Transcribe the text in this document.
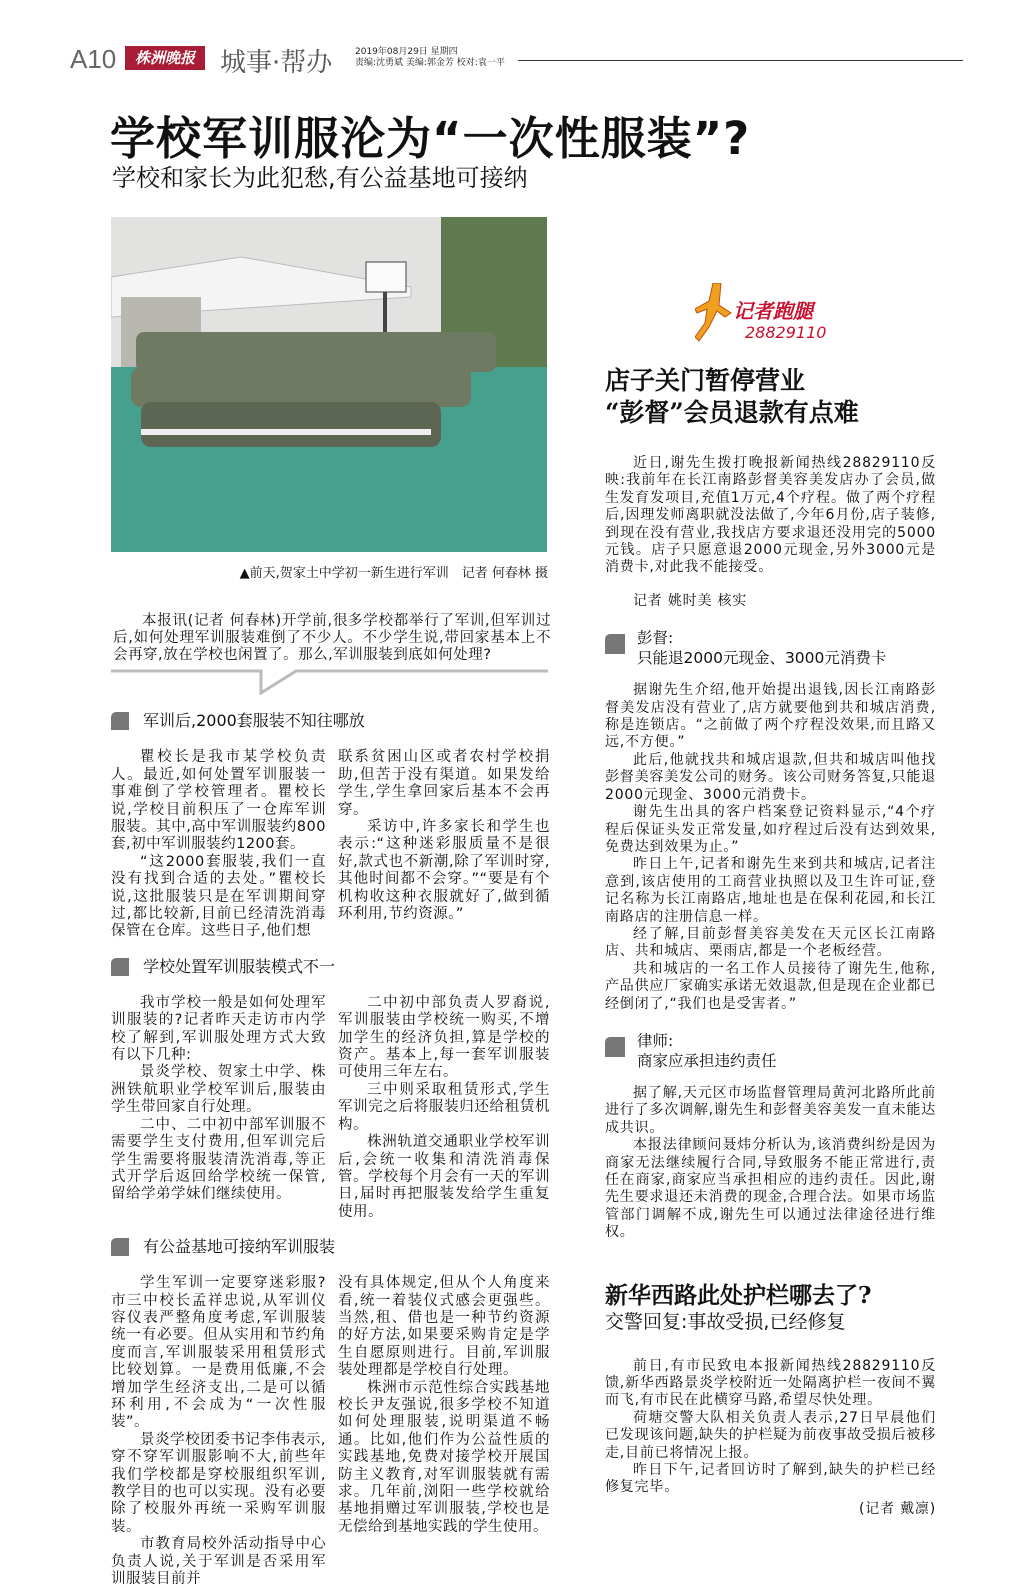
A10	株洲晚报 城事·帮办	2019年08月29日 星期四
责编:沈勇斌 美编:郭金芳 校对:袁一平
学校军训服沦为“一次性服装”?
学校和家长为此犯愁,有公益基地可接纳
▲前天,贺家土中学初一新生进行军训　记者 何春林 摄

本报讯(记者 何春林)开学前,很多学校都举行了军训,但军训过后,如何处理军训服装难倒了不少人。不少学生说,带回家基本上不会再穿,放在学校也闲置了。那么,军训服装到底如何处理?

军训后,2000套服装不知往哪放

瞿校长是我市某学校负责人。最近,如何处置军训服装一事难倒了学校管理者。瞿校长说,学校目前积压了一仓库军训服装。其中,高中军训服装约800套,初中军训服装约1200套。

“这2000套服装,我们一直没有找到合适的去处。”瞿校长说,这批服装只是在军训期间穿过,都比较新,目前已经清洗消毒保管在仓库。这些日子,他们想

联系贫困山区或者农村学校捐助,但苦于没有渠道。如果发给学生,学生拿回家后基本不会再穿。

采访中,许多家长和学生也表示:“这种迷彩服质量不是很好,款式也不新潮,除了军训时穿,其他时间都不会穿。”“要是有个机构收这种衣服就好了,做到循环利用,节约资源。”

学校处置军训服装模式不一

我市学校一般是如何处理军训服装的?记者昨天走访市内学校了解到,军训服处理方式大致有以下几种:

景炎学校、贺家土中学、株洲铁航职业学校军训后,服装由学生带回家自行处理。

二中、二中初中部军训服不需要学生支付费用,但军训完后学生需要将服装清洗消毒,等正式开学后返回给学校统一保管,留给学弟学妹们继续使用。

二中初中部负责人罗裔说,军训服装由学校统一购买,不增加学生的经济负担,算是学校的资产。基本上,每一套军训服装可使用三年左右。

三中则采取租赁形式,学生军训完之后将服装归还给租赁机构。

株洲轨道交通职业学校军训后,会统一收集和清洗消毒保管。学校每个月会有一天的军训日,届时再把服装发给学生重复使用。

有公益基地可接纳军训服装

学生军训一定要穿迷彩服?市三中校长孟祥忠说,从军训仪容仪表严整角度考虑,军训服装统一有必要。但从实用和节约角度而言,军训服装采用租赁形式比较划算。一是费用低廉,不会增加学生经济支出,二是可以循环利用,不会成为“一次性服装”。

景炎学校团委书记李伟表示,穿不穿军训服影响不大,前些年我们学校都是穿校服组织军训,教学目的也可以实现。没有必要除了校服外再统一采购军训服装。

市教育局校外活动指导中心负责人说,关于军训是否采用军训服装目前并

没有具体规定,但从个人角度来看,统一着装仪式感会更强些。当然,租、借也是一种节约资源的好方法,如果要采购肯定是学生自愿原则进行。目前,军训服装处理都是学校自行处理。

株洲市示范性综合实践基地校长尹友强说,很多学校不知道如何处理服装,说明渠道不畅通。比如,他们作为公益性质的实践基地,免费对接学校开展国防主义教育,对军训服装就有需求。几年前,浏阳一些学校就给基地捐赠过军训服装,学校也是无偿给到基地实践的学生使用。

记者跑腿
28829110
店子关门暂停营业
“彭督”会员退款有点难

近日,谢先生拨打晚报新闻热线28829110反映:我前年在长江南路彭督美容美发店办了会员,做生发育发项目,充值1万元,4个疗程。做了两个疗程后,因理发师离职就没法做了,今年6月份,店子装修,到现在没有营业,我找店方要求退还没用完的5000元钱。店子只愿意退2000元现金,另外3000元是消费卡,对此我不能接受。

记者 姚时美 核实

彭督:
只能退2000元现金、3000元消费卡

据谢先生介绍,他开始提出退钱,因长江南路彭督美发店没有营业了,店方就要他到共和城店消费,称是连锁店。“之前做了两个疗程没效果,而且路又远,不方便。”

此后,他就找共和城店退款,但共和城店叫他找彭督美容美发公司的财务。该公司财务答复,只能退2000元现金、3000元消费卡。

谢先生出具的客户档案登记资料显示,“4个疗程后保证头发正常发量,如疗程过后没有达到效果,免费达到效果为止。”

昨日上午,记者和谢先生来到共和城店,记者注意到,该店使用的工商营业执照以及卫生许可证,登记名称为长江南路店,地址也是在保利花园,和长江南路店的注册信息一样。

经了解,目前彭督美容美发在天元区长江南路店、共和城店、栗雨店,都是一个老板经营。

共和城店的一名工作人员接待了谢先生,他称,产品供应厂家确实承诺无效退款,但是现在企业都已经倒闭了,“我们也是受害者。”

律师:
商家应承担违约责任

据了解,天元区市场监督管理局黄河北路所此前进行了多次调解,谢先生和彭督美容美发一直未能达成共识。

本报法律顾问聂炜分析认为,该消费纠纷是因为商家无法继续履行合同,导致服务不能正常进行,责任在商家,商家应当承担相应的违约责任。因此,谢先生要求退还未消费的现金,合理合法。如果市场监管部门调解不成,谢先生可以通过法律途径进行维权。

新华西路此处护栏哪去了?
交警回复:事故受损,已经修复

前日,有市民致电本报新闻热线28829110反馈,新华西路景炎学校附近一处隔离护栏一夜间不翼而飞,有市民在此横穿马路,希望尽快处理。

荷塘交警大队相关负责人表示,27日早晨他们已发现该问题,缺失的护栏疑为前夜事故受损后被移走,目前已将情况上报。

昨日下午,记者回访时了解到,缺失的护栏已经修复完毕。

(记者 戴凛)
